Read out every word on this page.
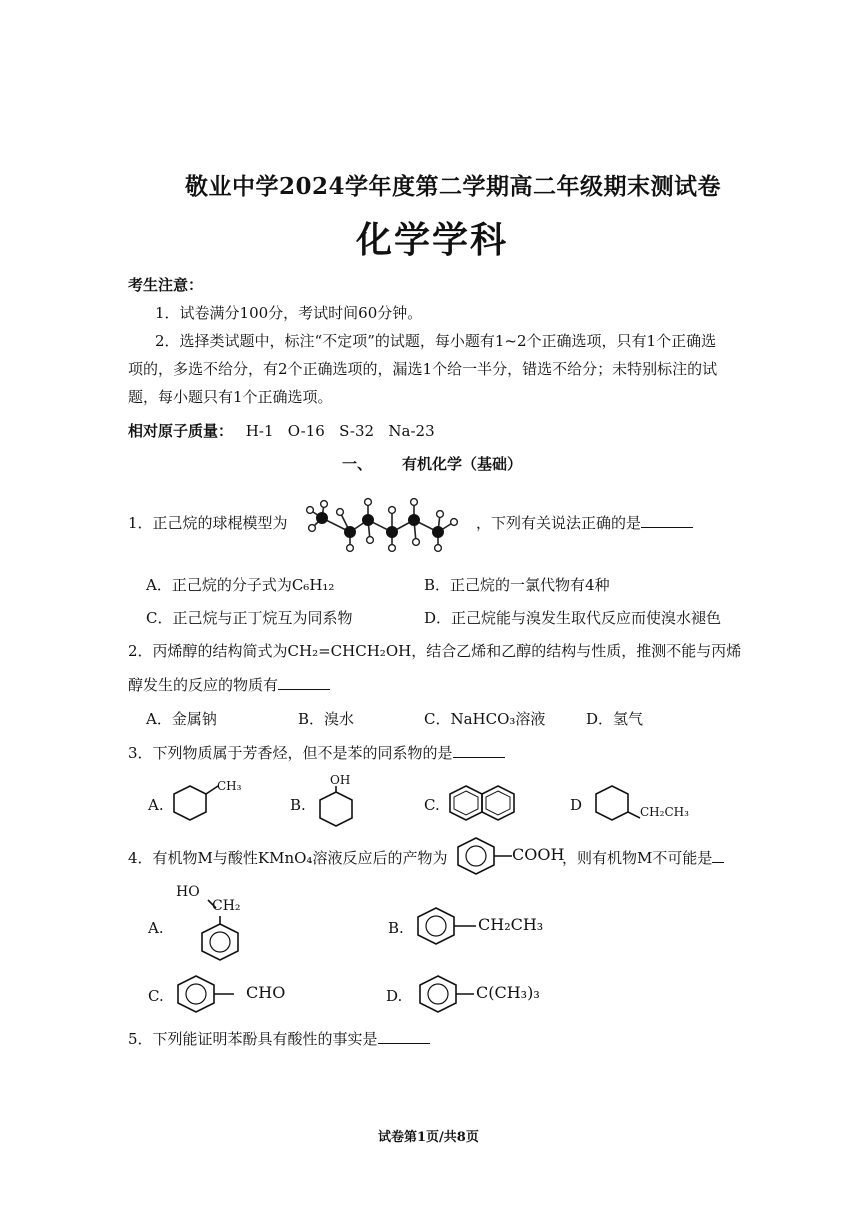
敬业中学2024学年度第二学期高二年级期末测试卷
化学学科
考生注意：
1．试卷满分100分，考试时间60分钟。
2．选择类试题中，标注“不定项”的试题，每小题有1~2个正确选项，只有1个正确选
项的，多选不给分，有2个正确选项的，漏选1个给一半分，错选不给分；未特别标注的试
题，每小题只有1个正确选项。
相对原子质量： H-1   O-16   S-32   Na-23
一、 有机化学（基础）
1．正己烷的球棍模型为	，下列有关说法正确的是
A．正己烷的分子式为C₆H₁₂	B．正己烷的一氯代物有4种
C．正己烷与正丁烷互为同系物	D．正己烷能与溴发生取代反应而使溴水褪色
2．丙烯醇的结构简式为CH₂=CHCH₂OH，结合乙烯和乙醇的结构与性质，推测不能与丙烯
醇发生的反应的物质有
A．金属钠	B．溴水	C．NaHCO₃溶液	D．氢气
3．下列物质属于芳香烃，但不是苯的同系物的是
A.
CH₃
B.
OH
C.	D	CH₂CH₃
4．有机物M与酸性KMnO₄溶液反应后的产物为	COOH
，则有机物M不可能是
A.
HO
CH₂
B.	CH₂CH₃
C.	CHO	D.	C(CH₃)₃
5．下列能证明苯酚具有酸性的事实是
试卷第1页/共8页
